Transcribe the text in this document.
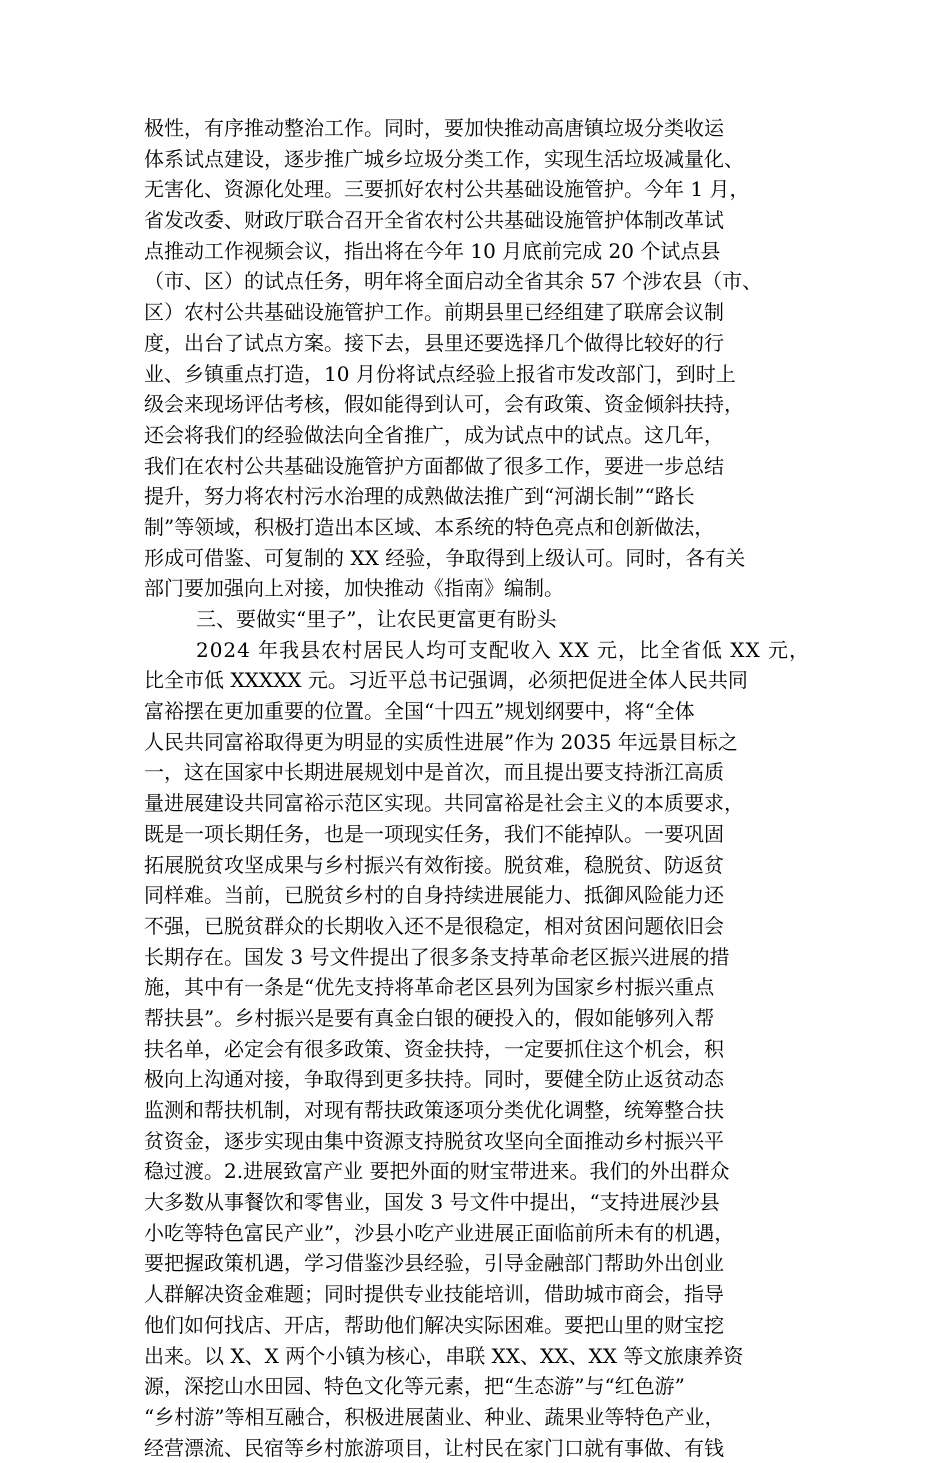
极性，有序推动整治工作。同时，要加快推动高唐镇垃圾分类收运
体系试点建设，逐步推广城乡垃圾分类工作，实现生活垃圾减量化、
无害化、资源化处理。三要抓好农村公共基础设施管护。今年 1 月，
省发改委、财政厅联合召开全省农村公共基础设施管护体制改革试
点推动工作视频会议，指出将在今年 10 月底前完成 20 个试点县
（市、区）的试点任务，明年将全面启动全省其余 57 个涉农县（市、
区）农村公共基础设施管护工作。前期县里已经组建了联席会议制
度，出台了试点方案。接下去，县里还要选择几个做得比较好的行
业、乡镇重点打造，10 月份将试点经验上报省市发改部门，到时上
级会来现场评估考核，假如能得到认可，会有政策、资金倾斜扶持，
还会将我们的经验做法向全省推广，成为试点中的试点。这几年，
我们在农村公共基础设施管护方面都做了很多工作，要进一步总结
提升，努力将农村污水治理的成熟做法推广到“河湖长制”“路长
制”等领域，积极打造出本区域、本系统的特色亮点和创新做法，
形成可借鉴、可复制的 XX 经验，争取得到上级认可。同时，各有关
部门要加强向上对接，加快推动《指南》编制。
三、要做实“里子”，让农民更富更有盼头
2024 年我县农村居民人均可支配收入 XX 元，比全省低 XX 元，
比全市低 XXXXX 元。习近平总书记强调，必须把促进全体人民共同
富裕摆在更加重要的位置。全国“十四五”规划纲要中，将“全体
人民共同富裕取得更为明显的实质性进展”作为 2035 年远景目标之
一，这在国家中长期进展规划中是首次，而且提出要支持浙江高质
量进展建设共同富裕示范区实现。共同富裕是社会主义的本质要求，
既是一项长期任务，也是一项现实任务，我们不能掉队。一要巩固
拓展脱贫攻坚成果与乡村振兴有效衔接。脱贫难，稳脱贫、防返贫
同样难。当前，已脱贫乡村的自身持续进展能力、抵御风险能力还
不强，已脱贫群众的长期收入还不是很稳定，相对贫困问题依旧会
长期存在。国发 3 号文件提出了很多条支持革命老区振兴进展的措
施，其中有一条是“优先支持将革命老区县列为国家乡村振兴重点
帮扶县”。乡村振兴是要有真金白银的硬投入的，假如能够列入帮
扶名单，必定会有很多政策、资金扶持，一定要抓住这个机会，积
极向上沟通对接，争取得到更多扶持。同时，要健全防止返贫动态
监测和帮扶机制，对现有帮扶政策逐项分类优化调整，统筹整合扶
贫资金，逐步实现由集中资源支持脱贫攻坚向全面推动乡村振兴平
稳过渡。2.进展致富产业 要把外面的财宝带进来。我们的外出群众
大多数从事餐饮和零售业，国发 3 号文件中提出，“支持进展沙县
小吃等特色富民产业”，沙县小吃产业进展正面临前所未有的机遇，
要把握政策机遇，学习借鉴沙县经验，引导金融部门帮助外出创业
人群解决资金难题；同时提供专业技能培训，借助城市商会，指导
他们如何找店、开店，帮助他们解决实际困难。要把山里的财宝挖
出来。以 X、X 两个小镇为核心，串联 XX、XX、XX 等文旅康养资
源，深挖山水田园、特色文化等元素，把“生态游”与“红色游”
“乡村游”等相互融合，积极进展菌业、种业、蔬果业等特色产业，
经营漂流、民宿等乡村旅游项目，让村民在家门口就有事做、有钱
